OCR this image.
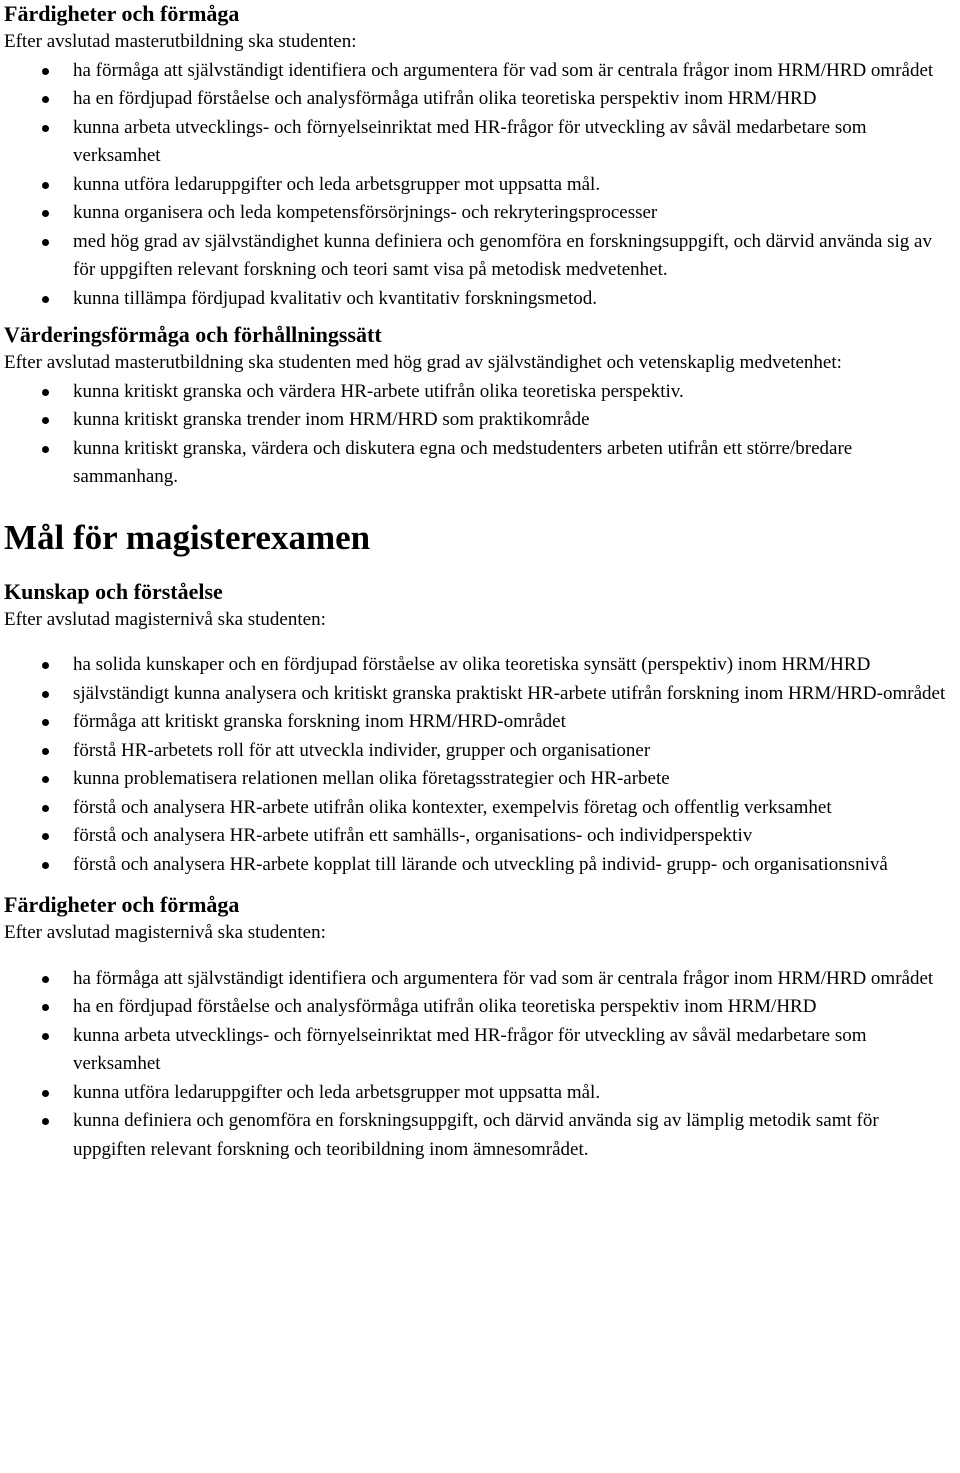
Färdigheter och förmåga

Efter avslutad masterutbildning ska studenten:

ha förmåga att självständigt identifiera och argumentera för vad som är centrala frågor inom HRM/HRD området
ha en fördjupad förståelse och analysförmåga utifrån olika teoretiska perspektiv inom HRM/HRD
kunna arbeta utvecklings- och förnyelseinriktat med HR-frågor för utveckling av såväl medarbetare som verksamhet
kunna utföra ledaruppgifter och leda arbetsgrupper mot uppsatta mål.
kunna organisera och leda kompetensförsörjnings- och rekryteringsprocesser
med hög grad av självständighet kunna definiera och genomföra en forskningsuppgift, och därvid använda sig av för uppgiften relevant forskning och teori samt visa på metodisk medvetenhet.
kunna tillämpa fördjupad kvalitativ och kvantitativ forskningsmetod.
Värderingsförmåga och förhållningssätt

Efter avslutad masterutbildning ska studenten med hög grad av självständighet och vetenskaplig medvetenhet:

kunna kritiskt granska och värdera HR-arbete utifrån olika teoretiska perspektiv.
kunna kritiskt granska trender inom HRM/HRD som praktikområde
kunna kritiskt granska, värdera och diskutera egna och medstudenters arbeten utifrån ett större/bredare sammanhang.
Mål för magisterexamen
Kunskap och förståelse

Efter avslutad magisternivå ska studenten:

ha solida kunskaper och en fördjupad förståelse av olika teoretiska synsätt (perspektiv) inom HRM/HRD
självständigt kunna analysera och kritiskt granska praktiskt HR-arbete utifrån forskning inom HRM/HRD-området
förmåga att kritiskt granska forskning inom HRM/HRD-området
förstå HR-arbetets roll för att utveckla individer, grupper och organisationer
kunna problematisera relationen mellan olika företagsstrategier och HR-arbete
förstå och analysera HR-arbete utifrån olika kontexter, exempelvis företag och offentlig verksamhet
förstå och analysera HR-arbete utifrån ett samhälls-, organisations- och individperspektiv
förstå och analysera HR-arbete kopplat till lärande och utveckling på individ- grupp- och organisationsnivå
Färdigheter och förmåga

Efter avslutad magisternivå ska studenten:

ha förmåga att självständigt identifiera och argumentera för vad som är centrala frågor inom HRM/HRD området
ha en fördjupad förståelse och analysförmåga utifrån olika teoretiska perspektiv inom HRM/HRD
kunna arbeta utvecklings- och förnyelseinriktat med HR-frågor för utveckling av såväl medarbetare som verksamhet
kunna utföra ledaruppgifter och leda arbetsgrupper mot uppsatta mål.
kunna definiera och genomföra en forskningsuppgift, och därvid använda sig av lämplig metodik samt för uppgiften relevant forskning och teoribildning inom ämnesområdet.
